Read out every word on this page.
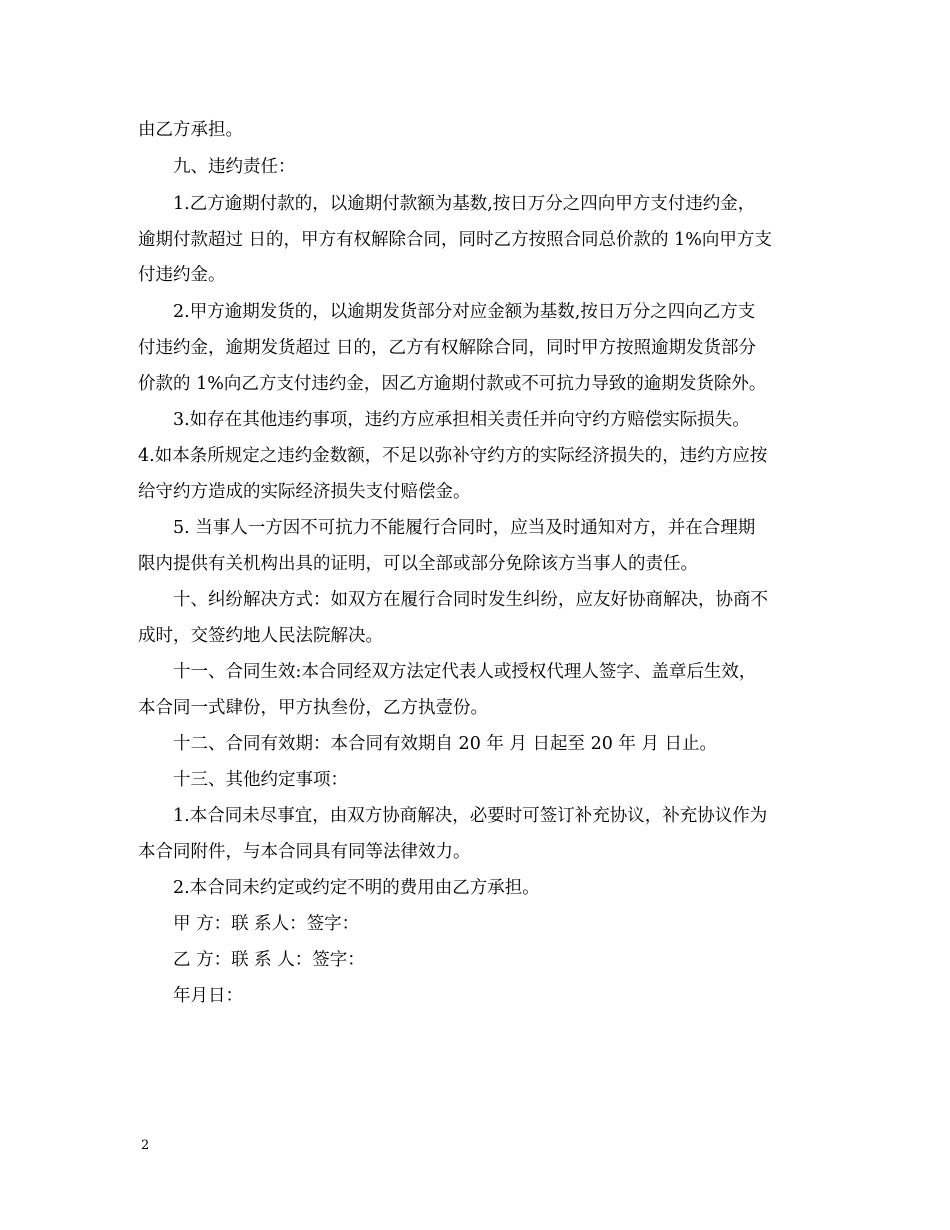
由乙方承担。
九、违约责任：
1.乙方逾期付款的，以逾期付款额为基数,按日万分之四向甲方支付违约金，
逾期付款超过 日的，甲方有权解除合同，同时乙方按照合同总价款的 1%向甲方支
付违约金。
2.甲方逾期发货的，以逾期发货部分对应金额为基数,按日万分之四向乙方支
付违约金，逾期发货超过 日的，乙方有权解除合同，同时甲方按照逾期发货部分
价款的 1%向乙方支付违约金，因乙方逾期付款或不可抗力导致的逾期发货除外。
3.如存在其他违约事项，违约方应承担相关责任并向守约方赔偿实际损失。
4.如本条所规定之违约金数额，不足以弥补守约方的实际经济损失的，违约方应按
给守约方造成的实际经济损失支付赔偿金。
5. 当事人一方因不可抗力不能履行合同时，应当及时通知对方，并在合理期
限内提供有关机构出具的证明，可以全部或部分免除该方当事人的责任。
十、纠纷解决方式：如双方在履行合同时发生纠纷，应友好协商解决，协商不
成时，交签约地人民法院解决。
十一、合同生效:本合同经双方法定代表人或授权代理人签字、盖章后生效，
本合同一式肆份，甲方执叁份，乙方执壹份。
十二、合同有效期：本合同有效期自 20 年 月 日起至 20 年 月 日止。
十三、其他约定事项：
1.本合同未尽事宜，由双方协商解决，必要时可签订补充协议，补充协议作为
本合同附件，与本合同具有同等法律效力。
2.本合同未约定或约定不明的费用由乙方承担。
甲 方：联 系人：签字：
乙 方：联 系 人：签字：
年月日：
2
